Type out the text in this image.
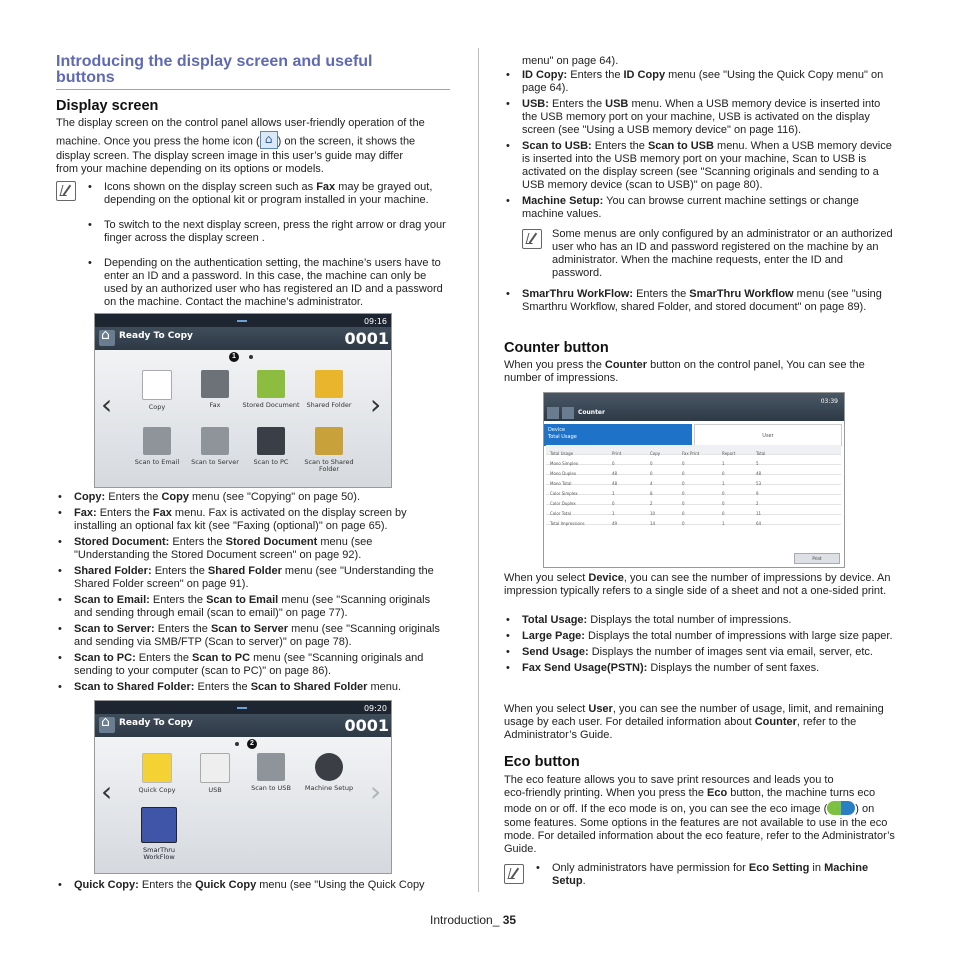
Introducing the display screen and useful
buttons
Display screen

The display screen on the control panel allows user-friendly operation of the

machine. Once you press the home icon ( ⌂ ) on the screen, it shows the

display screen. The display screen image in this user’s guide may differ

from your machine depending on its options or models.

• Icons shown on the display screen such as Fax may be grayed out, depending on the optional kit or program installed in your machine.
• To switch to the next display screen, press the right arrow or drag your finger across the display screen .
• Depending on the authentication setting, the machine’s users have to enter an ID and a password. In this case, the machine can only be used by an authorized user who has registered an ID and a password on the machine. Contact the machine’s administrator.
09:16
⌂
Ready To Copy	0001
1
‹	›
Copy	Fax	Stored Document	Shared Folder
Scan to Email	Scan to Server	Scan to PC	Scan to Shared Folder
• Copy: Enters the Copy menu (see "Copying" on page 50).
• Fax: Enters the Fax menu. Fax is activated on the display screen by installing an optional fax kit (see "Faxing (optional)" on page 65).
• Stored Document: Enters the Stored Document menu (see "Understanding the Stored Document screen" on page 92).
• Shared Folder: Enters the Shared Folder menu (see "Understanding the Shared Folder screen" on page 91).
• Scan to Email: Enters the Scan to Email menu (see "Scanning originals and sending through email (scan to email)" on page 77).
• Scan to Server: Enters the Scan to Server menu (see "Scanning originals and sending via SMB/FTP (Scan to server)" on page 78).
• Scan to PC: Enters the Scan to PC menu (see "Scanning originals and sending to your computer (scan to PC)" on page 86).
• Scan to Shared Folder: Enters the Scan to Shared Folder menu.
09:20
⌂
Ready To Copy	0001
2
‹	›
Quick Copy	USB	Scan to USB	Machine Setup
SmarThru WorkFlow
• Quick Copy: Enters the Quick Copy menu (see "Using the Quick Copy

menu" on page 64).

• ID Copy: Enters the ID Copy menu (see "Using the Quick Copy menu" on page 64).
• USB: Enters the USB menu. When a USB memory device is inserted into the USB memory port on your machine, USB is activated on the display screen (see "Using a USB memory device" on page 116).
• Scan to USB: Enters the Scan to USB menu. When a USB memory device is inserted into the USB memory port on your machine, Scan to USB is activated on the display screen (see "Scanning originals and sending to a USB memory device (scan to USB)" on page 80).
• Machine Setup: You can browse current machine settings or change machine values.

Some menus are only configured by an administrator or an authorized user who has an ID and password registered on the machine by an administrator. When the machine requests, enter the ID and password.

• SmarThru WorkFlow: Enters the SmarThru Workflow menu (see "using Smarthru Workflow, shared Folder, and stored document" on page 89).
Counter button

When you press the Counter button on the control panel, You can see the number of impressions.

03:39
Counter
Device
Total Usage	User
Total Usage	Print	Copy	Fax Print	Report	Total
Mono Simplex	0	0	0	1	5
Mono Duplex	48	0	0	0	48
Mono Total	48	4	0	1	53
Color Simplex	1	8	0	0	9
Color Duplex	0	2	0	0	2
Color Total	1	10	0	0	11
Total Impressions	49	14	0	1	64
Print

When you select Device, you can see the number of impressions by device. An impression typically refers to a single side of a sheet and not a one-sided print.

• Total Usage: Displays the total number of impressions.
• Large Page: Displays the total number of impressions with large size paper.
• Send Usage: Displays the number of images sent via email, server, etc.
• Fax Send Usage(PSTN): Displays the number of sent faxes.

When you select User, you can see the number of usage, limit, and remaining usage by each user. For detailed information about Counter, refer to the Administrator’s Guide.

Eco button

The eco feature allows you to save print resources and leads you to

eco-friendly printing. When you press the Eco button, the machine turns eco

mode on or off. If the eco mode is on, you can see the eco image (	) on

some features. Some options in the features are not available to use in the eco mode. For detailed information about the eco feature, refer to the Administrator’s Guide.

• Only administrators have permission for Eco Setting in Machine Setup.
Introduction_ 35
